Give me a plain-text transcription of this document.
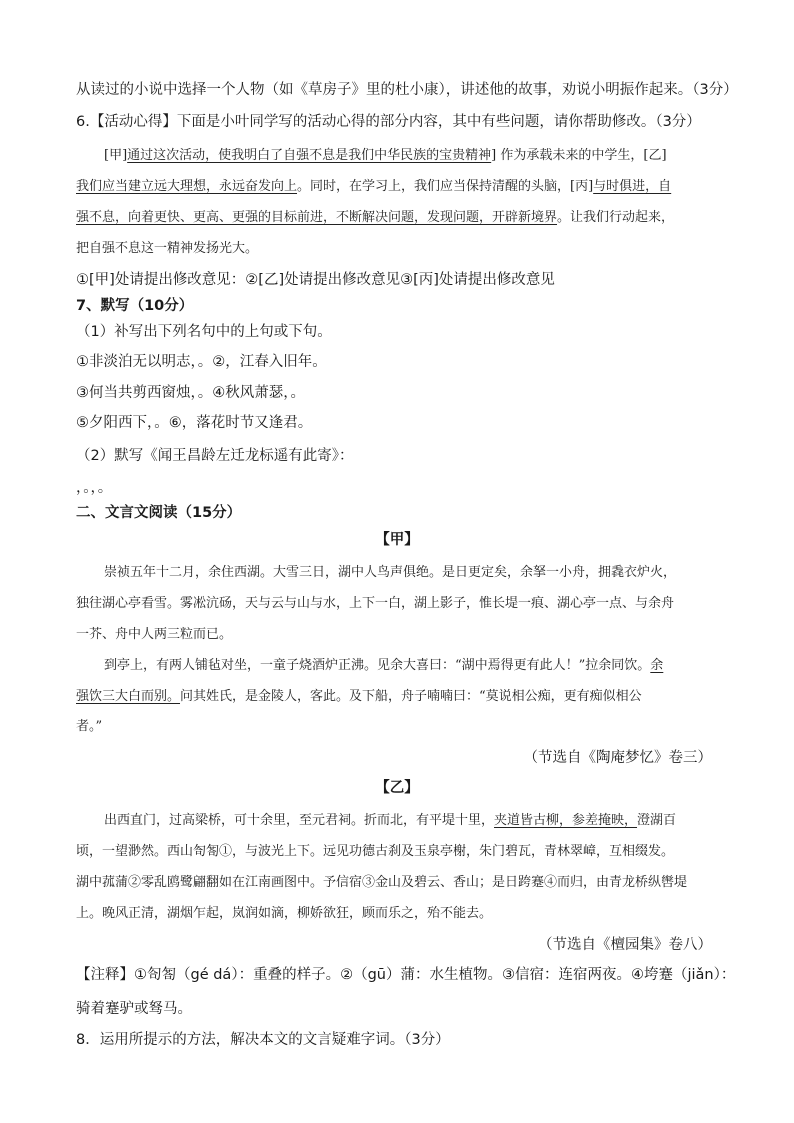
从读过的小说中选择一个人物（如《草房子》里的杜小康），讲述他的故事，劝说小明振作起来。（3分）
6.【活动心得】下面是小叶同学写的活动心得的部分内容，其中有些问题，请你帮助修改。（3分）
[甲]通过这次活动，使我明白了自强不息是我们中华民族的宝贵精神] 作为承载未来的中学生，[乙]
我们应当建立远大理想，永远奋发向上。同时，在学习上，我们应当保持清醒的头脑，[丙]与时俱进，自
强不息，向着更快、更高、更强的目标前进，不断解决问题，发现问题，开辟新境界。让我们行动起来，
把自强不息这一精神发扬光大。
①[甲]处请提出修改意见：②[乙]处请提出修改意见③[丙]处请提出修改意见
7、默写（10分）
（1）补写出下列名句中的上句或下句。
①非淡泊无以明志，。②，江春入旧年。
③何当共剪西窗烛，。④秋风萧瑟，。
⑤夕阳西下，。⑥，落花时节又逢君。
（2）默写《闻王昌龄左迁龙标遥有此寄》：
，。，。
二、文言文阅读（15分）
【甲】
崇祯五年十二月，余住西湖。大雪三日，湖中人鸟声俱绝。是日更定矣，余拏一小舟，拥毳衣炉火，
独往湖心亭看雪。雾凇沆砀，天与云与山与水，上下一白，湖上影子，惟长堤一痕、湖心亭一点、与余舟
一芥、舟中人两三粒而已。
到亭上，有两人铺毡对坐，一童子烧酒炉正沸。见余大喜曰：“湖中焉得更有此人！”拉余同饮。余
强饮三大白而别。问其姓氏，是金陵人，客此。及下船，舟子喃喃曰：“莫说相公痴，更有痴似相公
者。”
（节选自《陶庵梦忆》卷三）
【乙】
出西直门，过高梁桥，可十余里，至元君祠。折而北，有平堤十里，夹道皆古柳，参差掩映，澄湖百
顷，一望渺然。西山匌匒①，与波光上下。远见功德古刹及玉泉亭榭，朱门碧瓦，青林翠嶂，互相缀发。
湖中菰蒲②零乱鸥鹭翩翻如在江南画图中。予信宿③金山及碧云、香山；是日跨蹇④而归，由青龙桥纵辔堤
上。晚风正清，湖烟乍起，岚润如滴，柳娇欲狂，顾而乐之，殆不能去。
（节选自《檀园集》卷八）
【注释】①匌匒（gé dá）：重叠的样子。②（gū）蒲：水生植物。③信宿：连宿两夜。④垮蹇（jiǎn）：
骑着蹇驴或驽马。
8．运用所提示的方法，解决本文的文言疑难字词。（3分）
